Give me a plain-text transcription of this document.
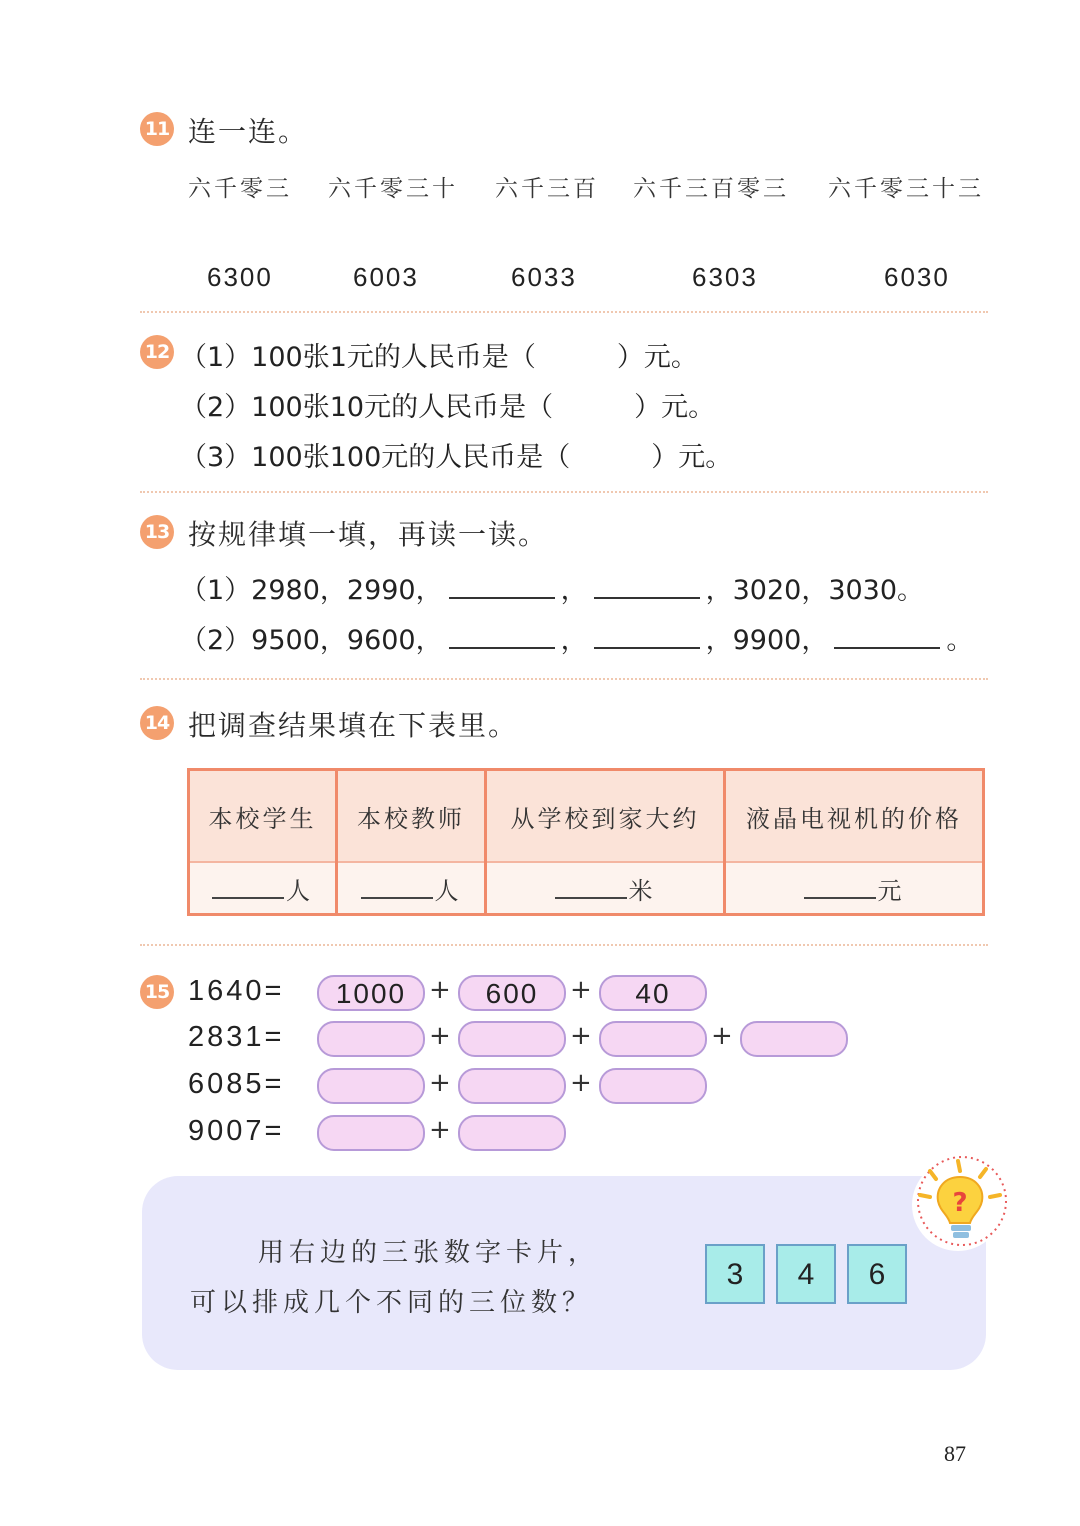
11 连一连。
六千零三 六千零三十 六千三百 六千三百零三 六千零三十三
6300	6003	6033	6303	6030
12 （1）100张1元的人民币是（　　　）元。
（2）100张10元的人民币是（　　　）元。
（3）100张100元的人民币是（　　　）元。
13 按规律填一填，再读一读。
（1）2980，2990，	，	，3020，3030。
（2）9500，9600，	，	，9900，	。
14 把调查结果填在下表里。
本校学生	本校教师	从学校到家大约	液晶电视机的价格
人	人	米	元
15 1640=	1000 +	600	+	40
2831=	+	+	+
6085=	+	+
9007=	+
用右边的三张数字卡片，
可以排成几个不同的三位数？
3	4	6
?
87
